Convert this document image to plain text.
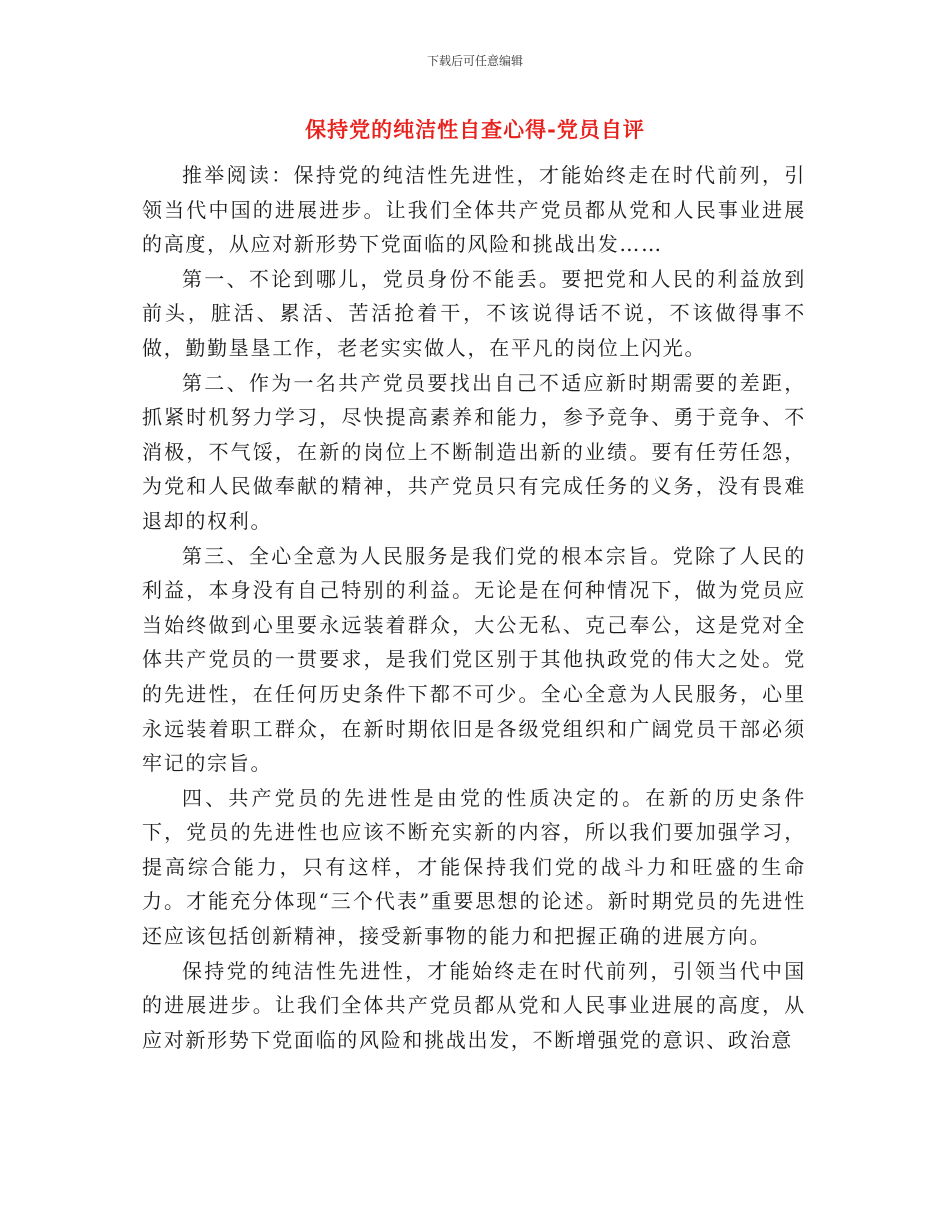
下载后可任意编辑
保持党的纯洁性自查心得-党员自评

推举阅读：保持党的纯洁性先进性，才能始终走在时代前列，引领当代中国的进展进步。让我们全体共产党员都从党和人民事业进展的高度，从应对新形势下党面临的风险和挑战出发……

第一、不论到哪儿，党员身份不能丢。要把党和人民的利益放到前头，脏活、累活、苦活抢着干，不该说得话不说，不该做得事不做，勤勤垦垦工作，老老实实做人，在平凡的岗位上闪光。

第二、作为一名共产党员要找出自己不适应新时期需要的差距，抓紧时机努力学习，尽快提高素养和能力，参予竞争、勇于竞争、不消极，不气馁，在新的岗位上不断制造出新的业绩。要有任劳任怨，为党和人民做奉献的精神，共产党员只有完成任务的义务，没有畏难退却的权利。

第三、全心全意为人民服务是我们党的根本宗旨。党除了人民的利益，本身没有自己特别的利益。无论是在何种情况下，做为党员应当始终做到心里要永远装着群众，大公无私、克己奉公，这是党对全体共产党员的一贯要求，是我们党区别于其他执政党的伟大之处。党的先进性，在任何历史条件下都不可少。全心全意为人民服务，心里永远装着职工群众，在新时期依旧是各级党组织和广阔党员干部必须牢记的宗旨。

四、共产党员的先进性是由党的性质决定的。在新的历史条件下，党员的先进性也应该不断充实新的内容，所以我们要加强学习，提高综合能力，只有这样，才能保持我们党的战斗力和旺盛的生命力。才能充分体现“三个代表”重要思想的论述。新时期党员的先进性还应该包括创新精神，接受新事物的能力和把握正确的进展方向。

保持党的纯洁性先进性，才能始终走在时代前列，引领当代中国的进展进步。让我们全体共产党员都从党和人民事业进展的高度，从应对新形势下党面临的风险和挑战出发，不断增强党的意识、政治意
